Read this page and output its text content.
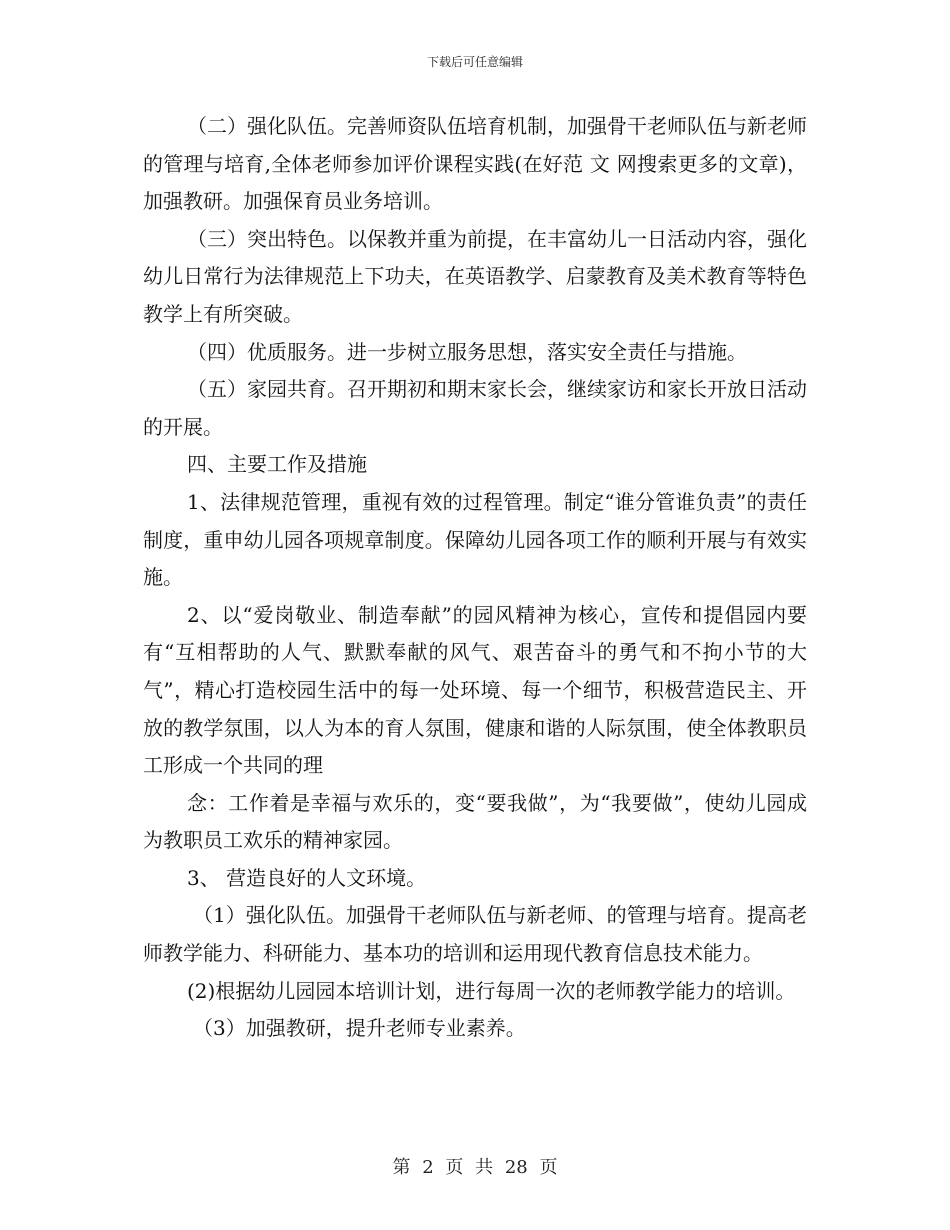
下载后可任意编辑

（二）强化队伍。完善师资队伍培育机制，加强骨干老师队伍与新老师的管理与培育,全体老师参加评价课程实践(在好范 文 网搜索更多的文章)，加强教研。加强保育员业务培训。

（三）突出特色。以保教并重为前提，在丰富幼儿一日活动内容，强化幼儿日常行为法律规范上下功夫，在英语教学、启蒙教育及美术教育等特色教学上有所突破。

（四）优质服务。进一步树立服务思想，落实安全责任与措施。

（五）家园共育。召开期初和期末家长会，继续家访和家长开放日活动的开展。

四、主要工作及措施

1、法律规范管理，重视有效的过程管理。制定“谁分管谁负责”的责任制度，重申幼儿园各项规章制度。保障幼儿园各项工作的顺利开展与有效实施。

2、以“爱岗敬业、制造奉献”的园风精神为核心，宣传和提倡园内要有“互相帮助的人气、默默奉献的风气、艰苦奋斗的勇气和不拘小节的大气”，精心打造校园生活中的每一处环境、每一个细节，积极营造民主、开放的教学氛围，以人为本的育人氛围，健康和谐的人际氛围，使全体教职员工形成一个共同的理

念：工作着是幸福与欢乐的，变“要我做”，为“我要做”，使幼儿园成为教职员工欢乐的精神家园。

3、 营造良好的人文环境。

（1）强化队伍。加强骨干老师队伍与新老师、的管理与培育。提高老师教学能力、科研能力、基本功的培训和运用现代教育信息技术能力。

(2)根据幼儿园园本培训计划，进行每周一次的老师教学能力的培训。

（3）加强教研，提升老师专业素养。

第 2 页 共 28 页
